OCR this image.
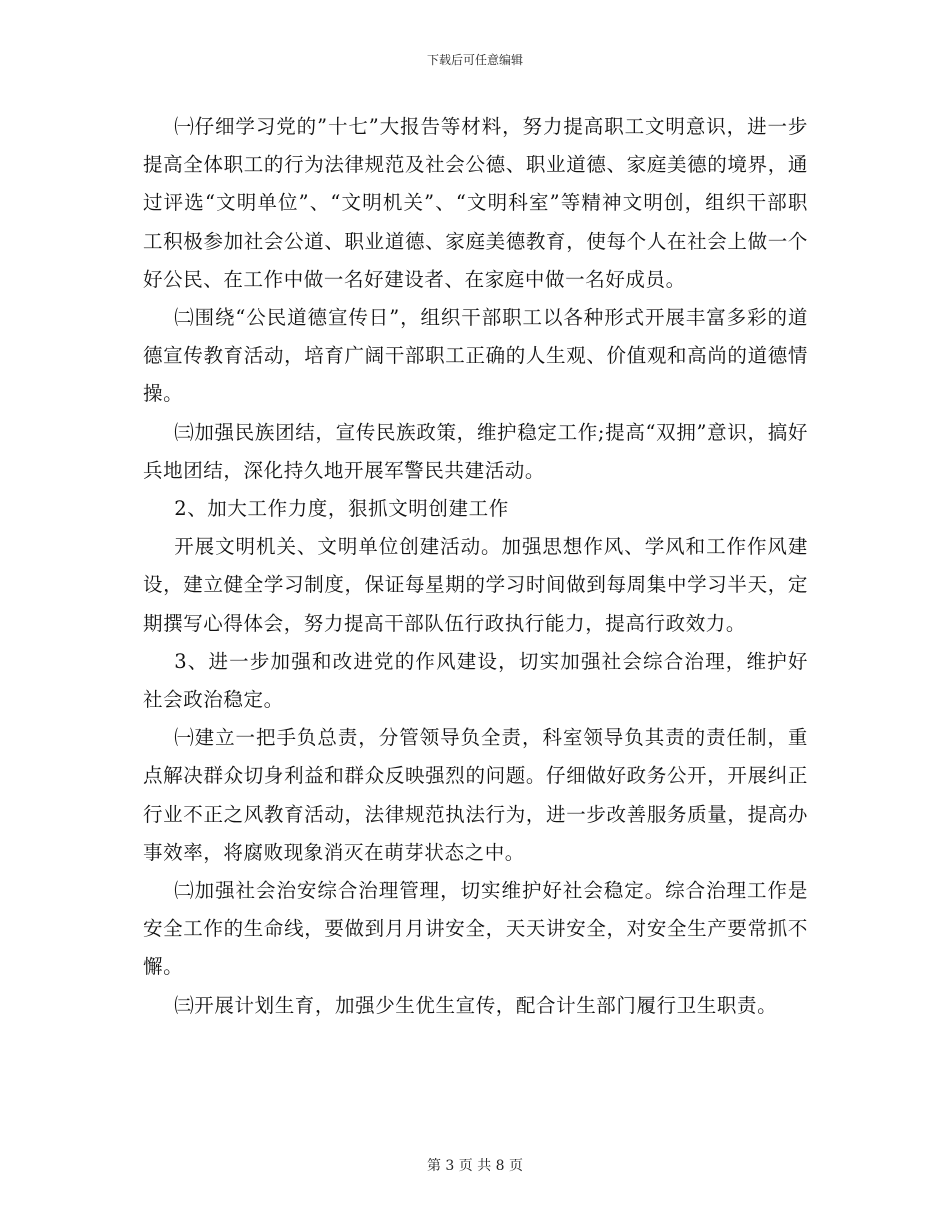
下载后可任意编辑

㈠仔细学习党的”十七”大报告等材料，努力提高职工文明意识，进一步提高全体职工的行为法律规范及社会公德、职业道德、家庭美德的境界，通过评选“文明单位”、“文明机关”、“文明科室”等精神文明创，组织干部职工积极参加社会公道、职业道德、家庭美德教育，使每个人在社会上做一个好公民、在工作中做一名好建设者、在家庭中做一名好成员。

㈡围绕“公民道德宣传日”，组织干部职工以各种形式开展丰富多彩的道德宣传教育活动，培育广阔干部职工正确的人生观、价值观和高尚的道德情操。

㈢加强民族团结，宣传民族政策，维护稳定工作;提高“双拥”意识，搞好兵地团结，深化持久地开展军警民共建活动。

2、加大工作力度，狠抓文明创建工作

开展文明机关、文明单位创建活动。加强思想作风、学风和工作作风建设，建立健全学习制度，保证每星期的学习时间做到每周集中学习半天，定期撰写心得体会，努力提高干部队伍行政执行能力，提高行政效力。

3、进一步加强和改进党的作风建设，切实加强社会综合治理，维护好社会政治稳定。

㈠建立一把手负总责，分管领导负全责，科室领导负其责的责任制，重点解决群众切身利益和群众反映强烈的问题。仔细做好政务公开，开展纠正行业不正之风教育活动，法律规范执法行为，进一步改善服务质量，提高办事效率，将腐败现象消灭在萌芽状态之中。

㈡加强社会治安综合治理管理，切实维护好社会稳定。综合治理工作是安全工作的生命线，要做到月月讲安全，天天讲安全，对安全生产要常抓不懈。

㈢开展计划生育，加强少生优生宣传，配合计生部门履行卫生职责。

第 3 页 共 8 页
